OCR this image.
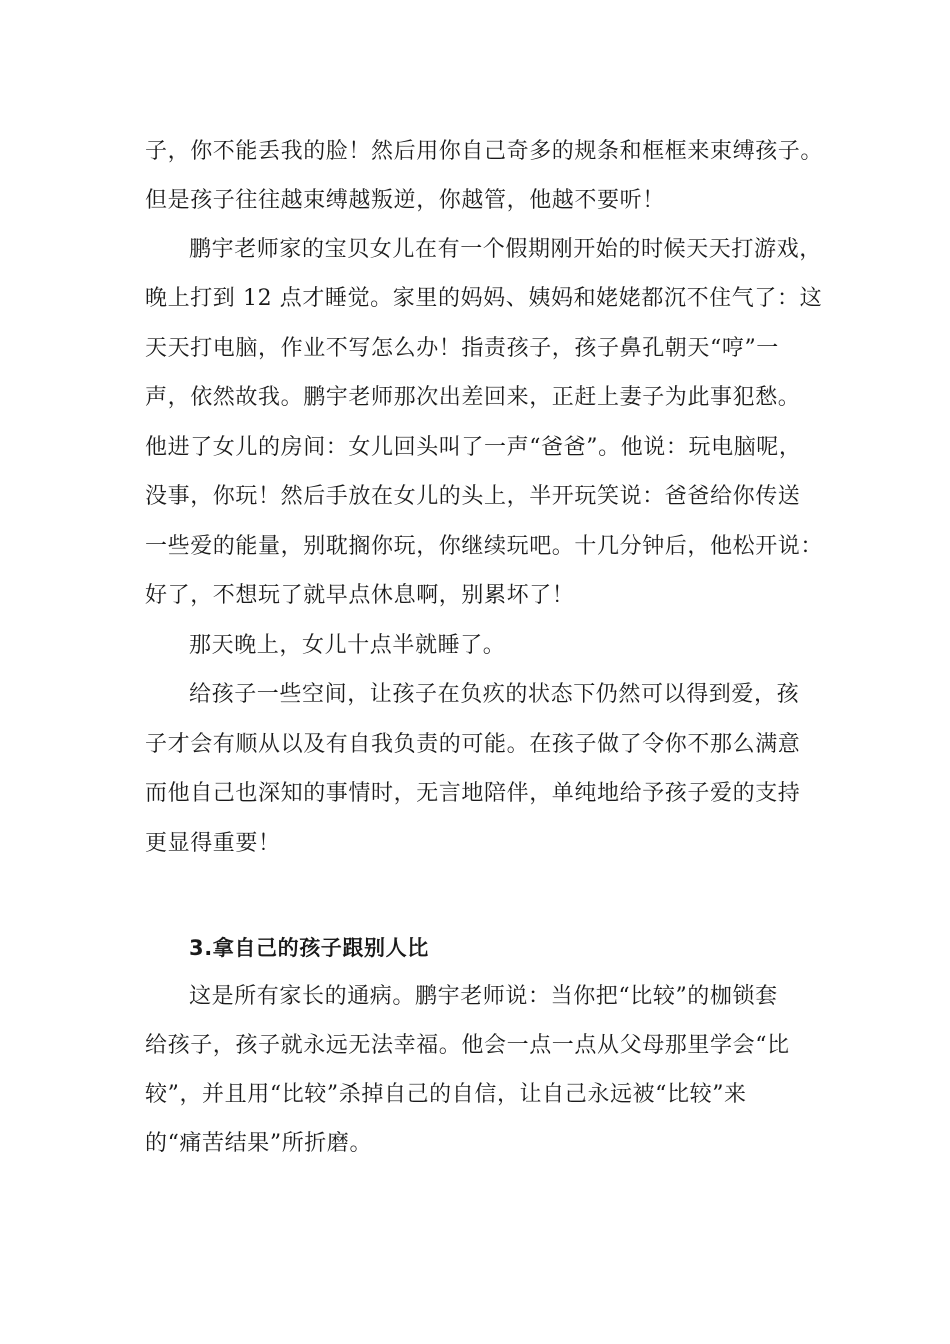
子，你不能丢我的脸！然后用你自己奇多的规条和框框来束缚孩子。
但是孩子往往越束缚越叛逆，你越管，他越不要听！
鹏宇老师家的宝贝女儿在有一个假期刚开始的时候天天打游戏，
晚上打到 12 点才睡觉。家里的妈妈、姨妈和姥姥都沉不住气了：这
天天打电脑，作业不写怎么办！指责孩子，孩子鼻孔朝天“哼”一
声，依然故我。鹏宇老师那次出差回来，正赶上妻子为此事犯愁。
他进了女儿的房间：女儿回头叫了一声“爸爸”。他说：玩电脑呢，
没事，你玩！然后手放在女儿的头上，半开玩笑说：爸爸给你传送
一些爱的能量，别耽搁你玩，你继续玩吧。十几分钟后，他松开说：
好了，不想玩了就早点休息啊，别累坏了！
那天晚上，女儿十点半就睡了。
给孩子一些空间，让孩子在负疚的状态下仍然可以得到爱，孩
子才会有顺从以及有自我负责的可能。在孩子做了令你不那么满意
而他自己也深知的事情时，无言地陪伴，单纯地给予孩子爱的支持
更显得重要！
3.拿自己的孩子跟别人比
这是所有家长的通病。鹏宇老师说：当你把“比较”的枷锁套
给孩子，孩子就永远无法幸福。他会一点一点从父母那里学会“比
较”，并且用“比较”杀掉自己的自信，让自己永远被“比较”来
的“痛苦结果”所折磨。
